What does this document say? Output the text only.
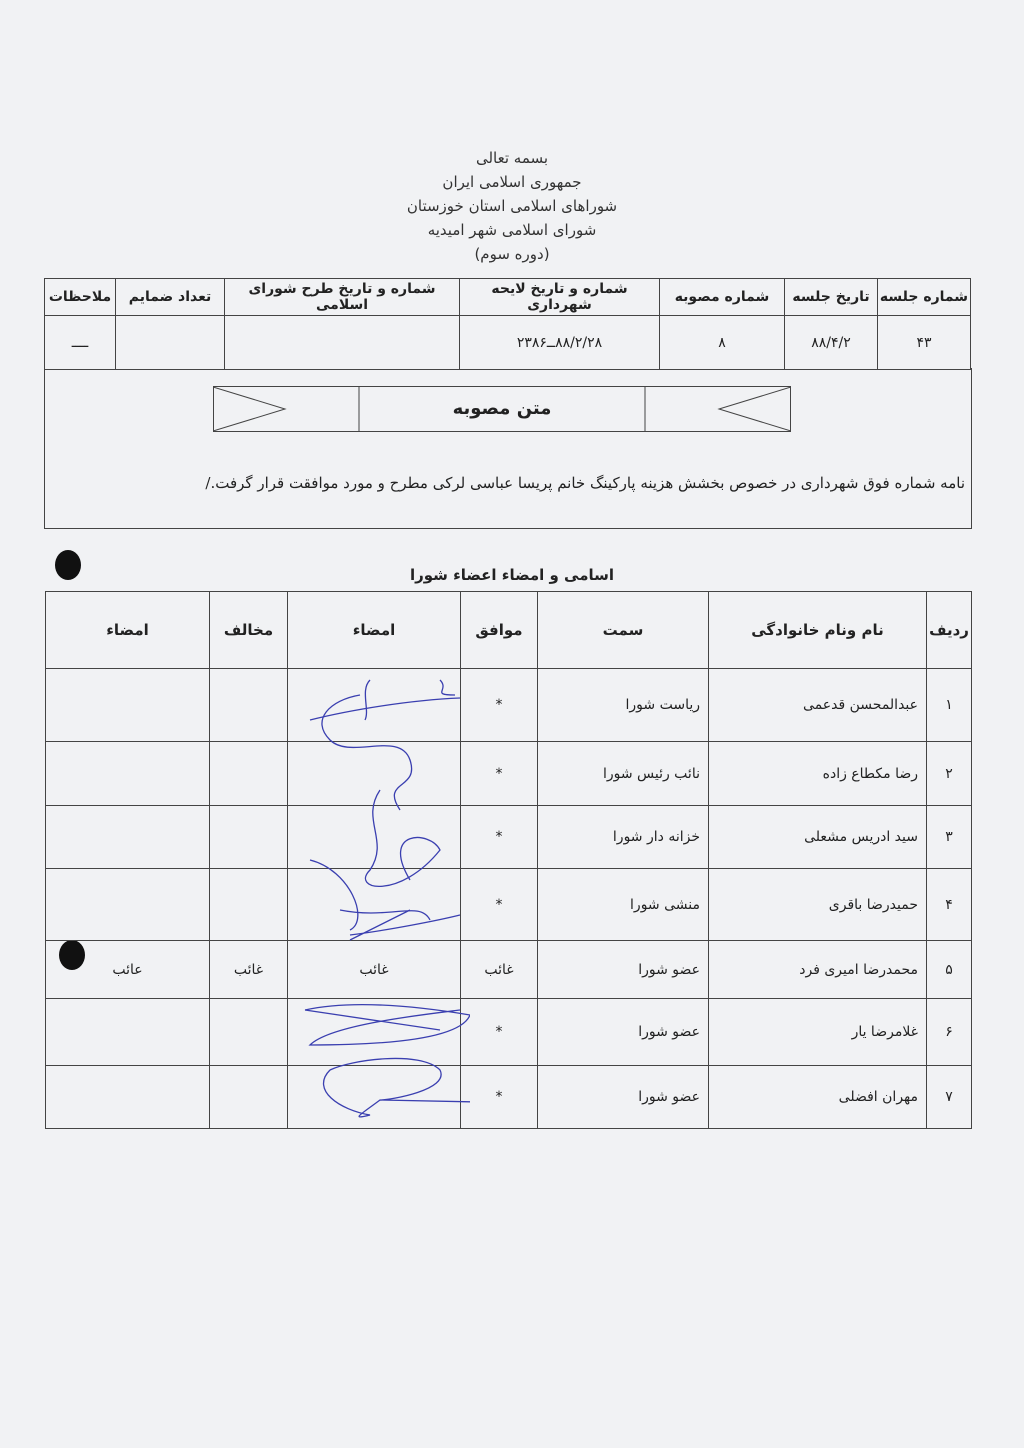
بسمه تعالی
جمهوری اسلامی ایران
شوراهای اسلامی استان خوزستان
شورای اسلامی شهر امیدیه
(دوره سوم)
شماره جلسه	تاریخ جلسه	شماره مصوبه	شماره و تاریخ لایحه شهرداری	شماره و تاریخ طرح شورای اسلامی	تعداد ضمایم	ملاحظات
۴۳	۸۸/۴/۲	۸	۸۸/۲/۲۸ــ۲۳۸۶			ــــ
متن مصوبه
نامه شماره فوق شهرداری در خصوص بخشش هزینه پارکینگ خانم پریسا عباسی لرکی مطرح و مورد موافقت قرار گرفت./
اسامی و امضاء اعضاء شورا
ردیف	نام ونام خانوادگی	سمت	موافق	امضاء	مخالف	امضاء
۱	عبدالمحسن قدعمی	ریاست شورا	*			
۲	رضا مکطاع زاده	نائب رئیس شورا	*			
۳	سید ادریس مشعلی	خزانه دار شورا	*			
۴	حمیدرضا باقری	منشی شورا	*			
۵	محمدرضا امیری فرد	عضو شورا	غائب	غائب	غائب	عائب
۶	غلامرضا یار	عضو شورا	*			
۷	مهران افضلی	عضو شورا	*			
